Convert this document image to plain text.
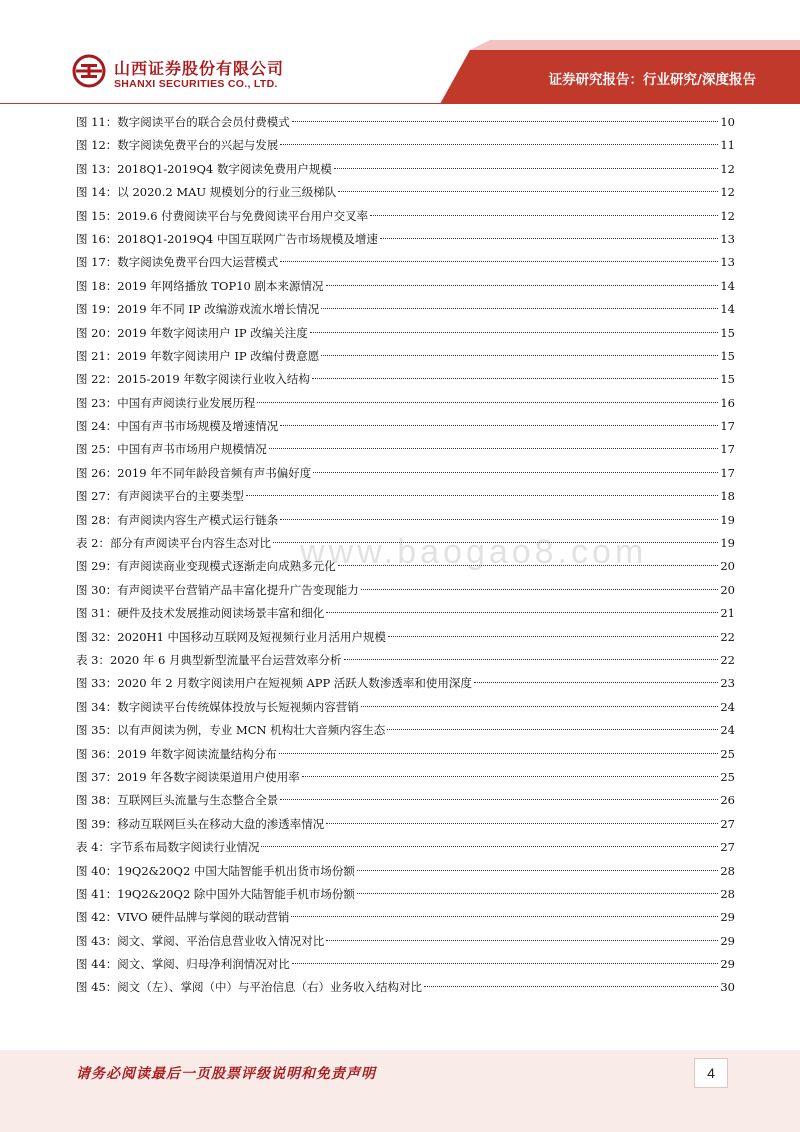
山西证券股份有限公司
SHANXI SECURITIES CO., LTD.	证券研究报告：行业研究/深度报告
图 11：数字阅读平台的联合会员付费模式	10
图 12：数字阅读免费平台的兴起与发展	11
图 13：2018Q1-2019Q4 数字阅读免费用户规模	12
图 14：以 2020.2 MAU 规模划分的行业三级梯队	12
图 15：2019.6 付费阅读平台与免费阅读平台用户交叉率	12
图 16：2018Q1-2019Q4 中国互联网广告市场规模及增速	13
图 17：数字阅读免费平台四大运营模式	13
图 18：2019 年网络播放 TOP10 剧本来源情况	14
图 19：2019 年不同 IP 改编游戏流水增长情况	14
图 20：2019 年数字阅读用户 IP 改编关注度	15
图 21：2019 年数字阅读用户 IP 改编付费意愿	15
图 22：2015-2019 年数字阅读行业收入结构	15
图 23：中国有声阅读行业发展历程	16
图 24：中国有声书市场规模及增速情况	17
图 25：中国有声书市场用户规模情况	17
图 26：2019 年不同年龄段音频有声书偏好度	17
图 27：有声阅读平台的主要类型	18
图 28：有声阅读内容生产模式运行链条	19
表 2：部分有声阅读平台内容生态对比	19
图 29：有声阅读商业变现模式逐渐走向成熟多元化	20
图 30：有声阅读平台营销产品丰富化提升广告变现能力	20
图 31：硬件及技术发展推动阅读场景丰富和细化	21
图 32：2020H1 中国移动互联网及短视频行业月活用户规模	22
表 3：2020 年 6 月典型新型流量平台运营效率分析	22
图 33：2020 年 2 月数字阅读用户在短视频 APP 活跃人数渗透率和使用深度	23
图 34：数字阅读平台传统媒体投放与长短视频内容营销	24
图 35：以有声阅读为例，专业 MCN 机构壮大音频内容生态	24
图 36：2019 年数字阅读流量结构分布	25
图 37：2019 年各数字阅读渠道用户使用率	25
图 38：互联网巨头流量与生态整合全景	26
图 39：移动互联网巨头在移动大盘的渗透率情况	27
表 4：字节系布局数字阅读行业情况	27
图 40：19Q2&20Q2 中国大陆智能手机出货市场份额	28
图 41：19Q2&20Q2 除中国外大陆智能手机市场份额	28
图 42：VIVO 硬件品牌与掌阅的联动营销	29
图 43：阅文、掌阅、平治信息营业收入情况对比	29
图 44：阅文、掌阅、归母净利润情况对比	29
图 45：阅文（左）、掌阅（中）与平治信息（右）业务收入结构对比	30
www.baogao8.com
请务必阅读最后一页股票评级说明和免责声明	4
